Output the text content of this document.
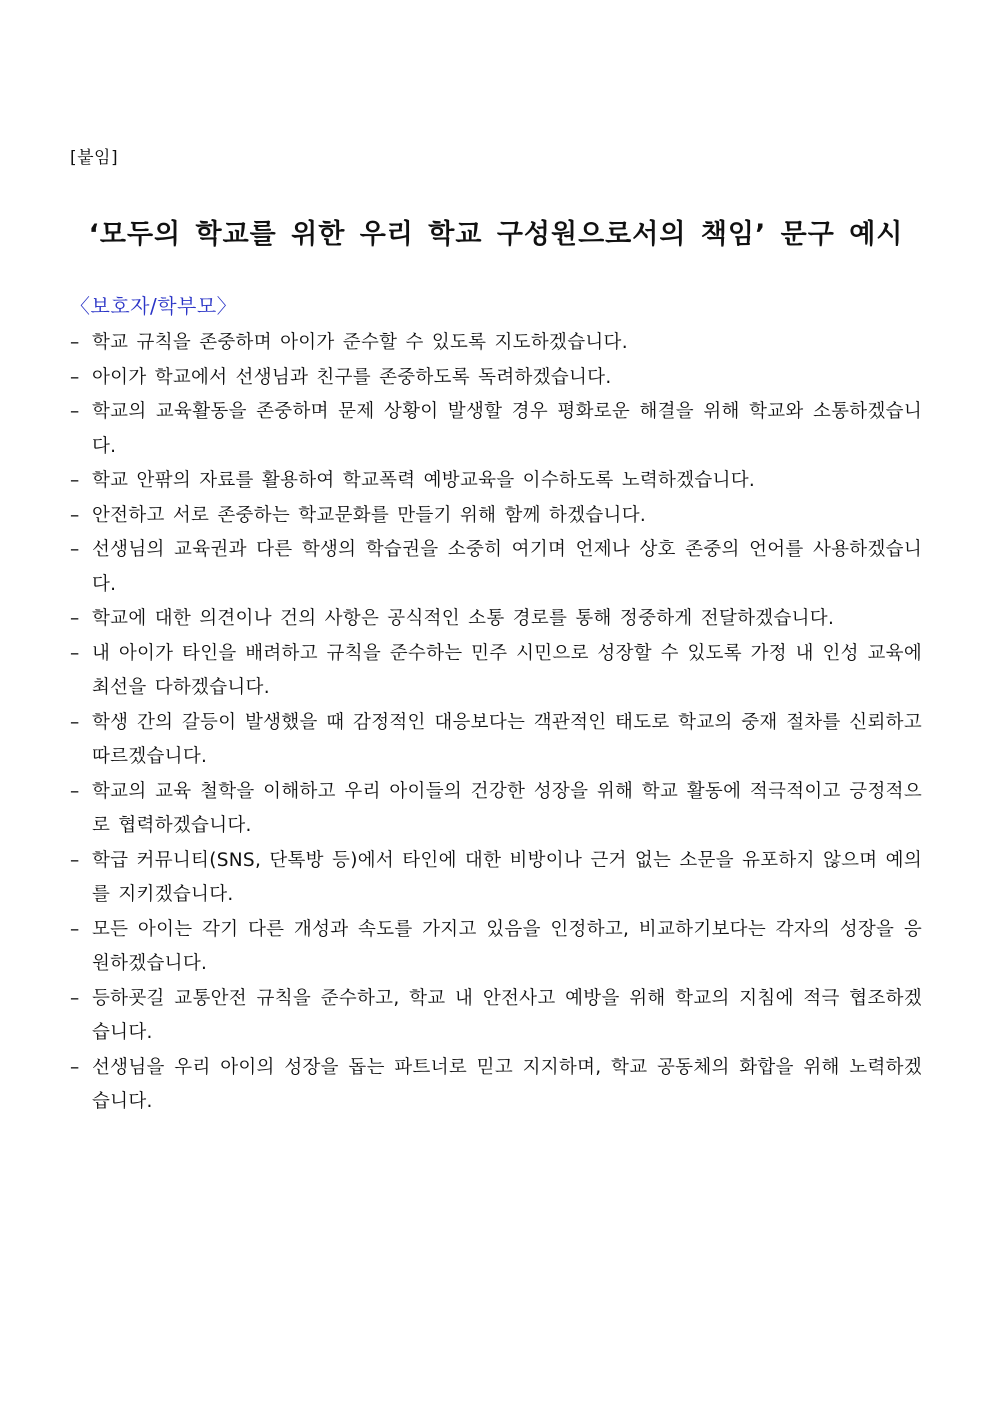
[붙임]
‘모두의 학교를 위한 우리 학교 구성원으로서의 책임’ 문구 예시
〈보호자/학부모〉
– 학교 규칙을 존중하며 아이가 준수할 수 있도록 지도하겠습니다.
– 아이가 학교에서 선생님과 친구를 존중하도록 독려하겠습니다.
– 학교의 교육활동을 존중하며 문제 상황이 발생할 경우 평화로운 해결을 위해 학교와 소통하겠습니다.
– 학교 안팎의 자료를 활용하여 학교폭력 예방교육을 이수하도록 노력하겠습니다.
– 안전하고 서로 존중하는 학교문화를 만들기 위해 함께 하겠습니다.
– 선생님의 교육권과 다른 학생의 학습권을 소중히 여기며 언제나 상호 존중의 언어를 사용하겠습니다.
– 학교에 대한 의견이나 건의 사항은 공식적인 소통 경로를 통해 정중하게 전달하겠습니다.
– 내 아이가 타인을 배려하고 규칙을 준수하는 민주 시민으로 성장할 수 있도록 가정 내 인성 교육에 최선을 다하겠습니다.
– 학생 간의 갈등이 발생했을 때 감정적인 대응보다는 객관적인 태도로 학교의 중재 절차를 신뢰하고 따르겠습니다.
– 학교의 교육 철학을 이해하고 우리 아이들의 건강한 성장을 위해 학교 활동에 적극적이고 긍정적으로 협력하겠습니다.
– 학급 커뮤니티(SNS, 단톡방 등)에서 타인에 대한 비방이나 근거 없는 소문을 유포하지 않으며 예의를 지키겠습니다.
– 모든 아이는 각기 다른 개성과 속도를 가지고 있음을 인정하고, 비교하기보다는 각자의 성장을 응원하겠습니다.
– 등하굣길 교통안전 규칙을 준수하고, 학교 내 안전사고 예방을 위해 학교의 지침에 적극 협조하겠습니다.
– 선생님을 우리 아이의 성장을 돕는 파트너로 믿고 지지하며, 학교 공동체의 화합을 위해 노력하겠습니다.
